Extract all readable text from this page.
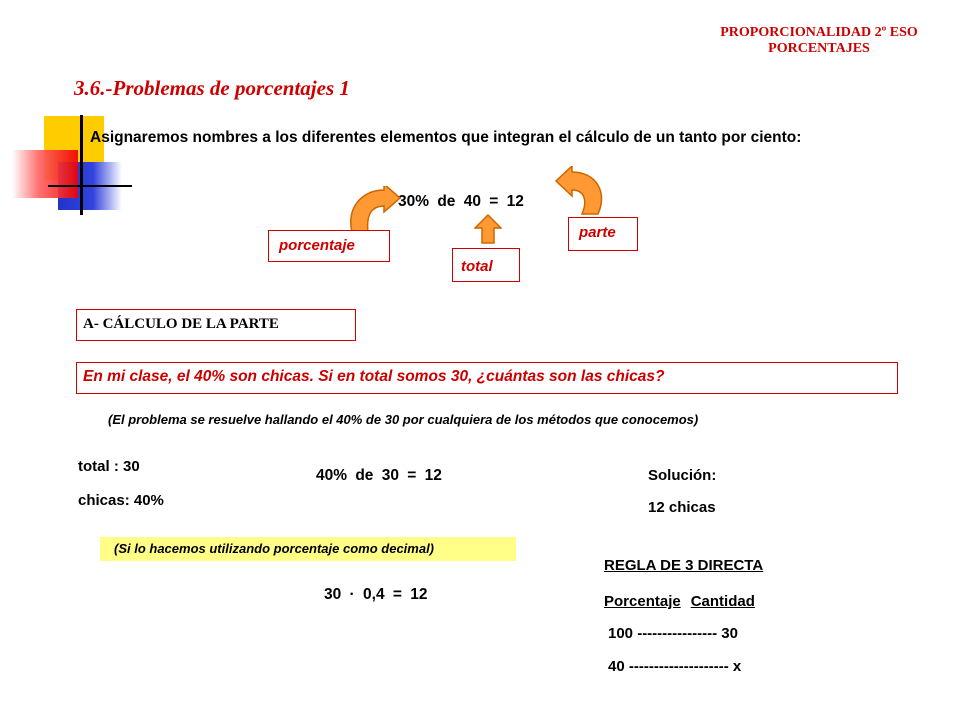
PROPORCIONALIDAD 2º ESO
PORCENTAJES
3.6.-Problemas de porcentajes 1
Asignaremos nombres a los diferentes elementos que integran el cálculo de un tanto por ciento:
30% de 40 = 12
porcentaje
total
parte
A- CÁLCULO DE LA PARTE
En mi clase, el 40% son chicas. Si en total somos 30, ¿cuántas son las chicas?
(El problema se resuelve hallando el 40% de 30 por cualquiera de los métodos que conocemos)
total : 30
chicas: 40%
40% de 30 = 12	Solución:
12 chicas
(Si lo hacemos utilizando porcentaje como decimal)
30 · 0,4 = 12
REGLA DE 3 DIRECTA
Porcentaje Cantidad
100 ---------------- 30
40 -------------------- x
